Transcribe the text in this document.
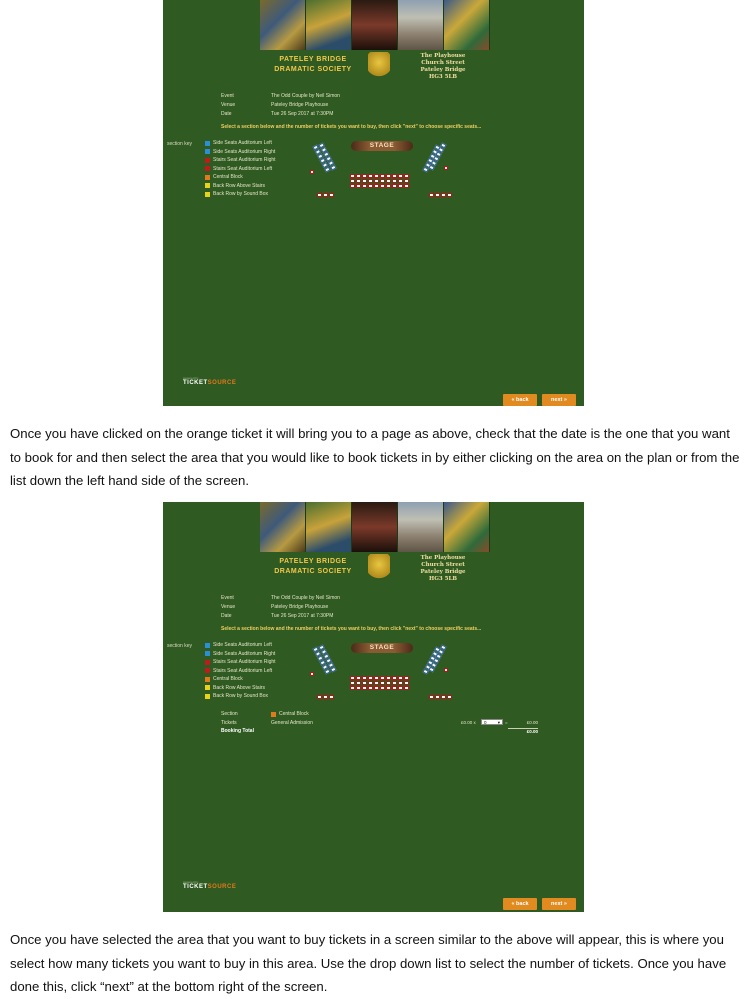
PATELEY BRIDGE
DRAMATIC SOCIETY
The Playhouse
Church Street
Pateley Bridge
HG3 5LB
Event	The Odd Couple by Neil Simon
Venue	Pateley Bridge Playhouse
Date	Tue 26 Sep 2017 at 7:30PM
Select a section below and the number of tickets you want to buy, then click "next" to choose specific seats...
section key	Side Seats Auditorium Left
Side Seats Auditorium Right
Stairs Seat Auditorium Right
Stairs Seat Auditorium Left
Central Block
Back Row Above Stairs
Back Row by Sound Box
STAGE
powered by
TICKETSOURCE
« back	next »
Once you have clicked on the orange ticket it will bring you to a page as above, check that the date is the one that you want to book for and then select the area that you would like to book tickets in by either clicking on the area on the plan or from the list down the left hand side of the screen.
PATELEY BRIDGE
DRAMATIC SOCIETY
The Playhouse
Church Street
Pateley Bridge
HG3 5LB
Event	The Odd Couple by Neil Simon
Venue	Pateley Bridge Playhouse
Date	Tue 26 Sep 2017 at 7:30PM
Select a section below and the number of tickets you want to buy, then click "next" to choose specific seats...
section key	Side Seats Auditorium Left
Side Seats Auditorium Right
Stairs Seat Auditorium Right
Stairs Seat Auditorium Left
Central Block
Back Row Above Stairs
Back Row by Sound Box
STAGE
Section	Central Block
Tickets	General Admission
Booking Total
£0.00 x	0 ▾ =	£0.00
£0.00
powered by
TICKETSOURCE
« back	next »
Once you have selected the area that you want to buy tickets in a screen similar to the above will appear, this is where you select how many tickets you want to buy in this area. Use the drop down list to select the number of tickets. Once you have done this, click “next” at the bottom right of the screen.
